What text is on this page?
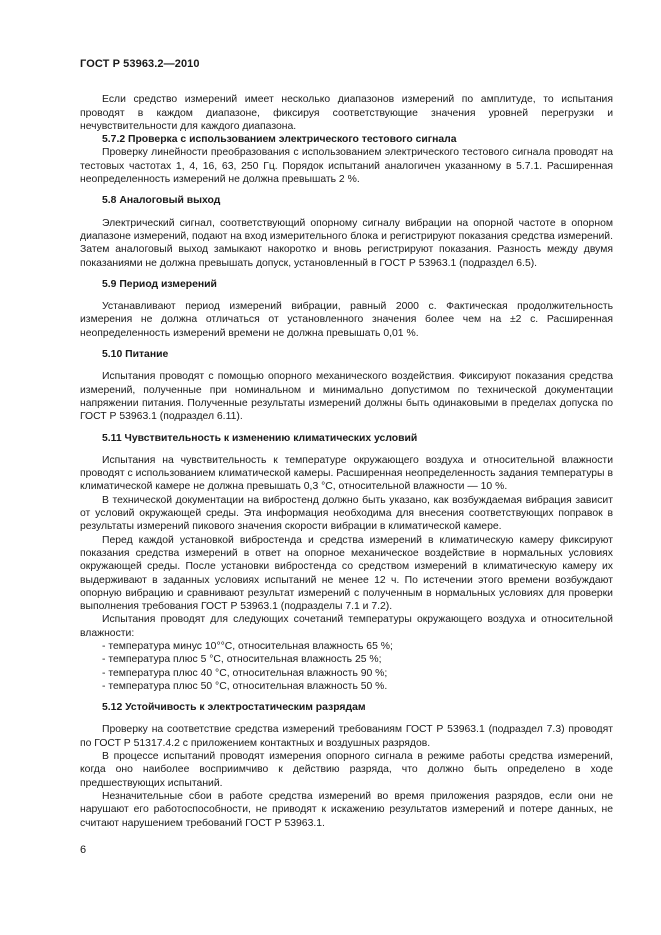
ГОСТ Р 53963.2—2010

Если средство измерений имеет несколько диапазонов измерений по амплитуде, то испытания проводят в каждом диапазоне, фиксируя соответствующие значения уровней перегрузки и нечувствительности для каждого диапазона.

5.7.2 Проверка с использованием электрического тестового сигнала

Проверку линейности преобразования с использованием электрического тестового сигнала проводят на тестовых частотах 1, 4, 16, 63, 250 Гц. Порядок испытаний аналогичен указанному в 5.7.1. Расширенная неопределенность измерений не должна превышать 2 %.

5.8 Аналоговый выход

Электрический сигнал, соответствующий опорному сигналу вибрации на опорной частоте в опорном диапазоне измерений, подают на вход измерительного блока и регистрируют показания средства измерений. Затем аналоговый выход замыкают накоротко и вновь регистрируют показания. Разность между двумя показаниями не должна превышать допуск, установленный в ГОСТ Р 53963.1 (подраздел 6.5).

5.9 Период измерений

Устанавливают период измерений вибрации, равный 2000 с. Фактическая продолжительность измерения не должна отличаться от установленного значения более чем на ±2 с. Расширенная неопределенность измерений времени не должна превышать 0,01 %.

5.10 Питание

Испытания проводят с помощью опорного механического воздействия. Фиксируют показания средства измерений, полученные при номинальном и минимально допустимом по технической документации напряжении питания. Полученные результаты измерений должны быть одинаковыми в пределах допуска по ГОСТ Р 53963.1 (подраздел 6.11).

5.11 Чувствительность к изменению климатических условий

Испытания на чувствительность к температуре окружающего воздуха и относительной влажности проводят с использованием климатической камеры. Расширенная неопределенность задания температуры в климатической камере не должна превышать 0,3 °С, относительной влажности — 10 %.

В технической документации на вибростенд должно быть указано, как возбуждаемая вибрация зависит от условий окружающей среды. Эта информация необходима для внесения соответствующих поправок в результаты измерений пикового значения скорости вибрации в климатической камере.

Перед каждой установкой вибростенда и средства измерений в климатическую камеру фиксируют показания средства измерений в ответ на опорное механическое воздействие в нормальных условиях окружающей среды. После установки вибростенда со средством измерений в климатическую камеру их выдерживают в заданных условиях испытаний не менее 12 ч. По истечении этого времени возбуждают опорную вибрацию и сравнивают результат измерений с полученным в нормальных условиях для проверки выполнения требования ГОСТ Р 53963.1 (подразделы 7.1 и 7.2).

Испытания проводят для следующих сочетаний температуры окружающего воздуха и относительной влажности:

- температура минус 10°°С, относительная влажность 65 %;
- температура плюс 5 °С, относительная влажность 25 %;
- температура плюс 40 °С, относительная влажность 90 %;
- температура плюс 50 °С, относительная влажность 50 %.
5.12 Устойчивость к электростатическим разрядам

Проверку на соответствие средства измерений требованиям ГОСТ Р 53963.1 (подраздел 7.3) проводят по ГОСТ Р 51317.4.2 с приложением контактных и воздушных разрядов.

В процессе испытаний проводят измерения опорного сигнала в режиме работы средства измерений, когда оно наиболее восприимчиво к действию разряда, что должно быть определено в ходе предшествующих испытаний.

Незначительные сбои в работе средства измерений во время приложения разрядов, если они не нарушают его работоспособности, не приводят к искажению результатов измерений и потере данных, не считают нарушением требований ГОСТ Р 53963.1.

6
